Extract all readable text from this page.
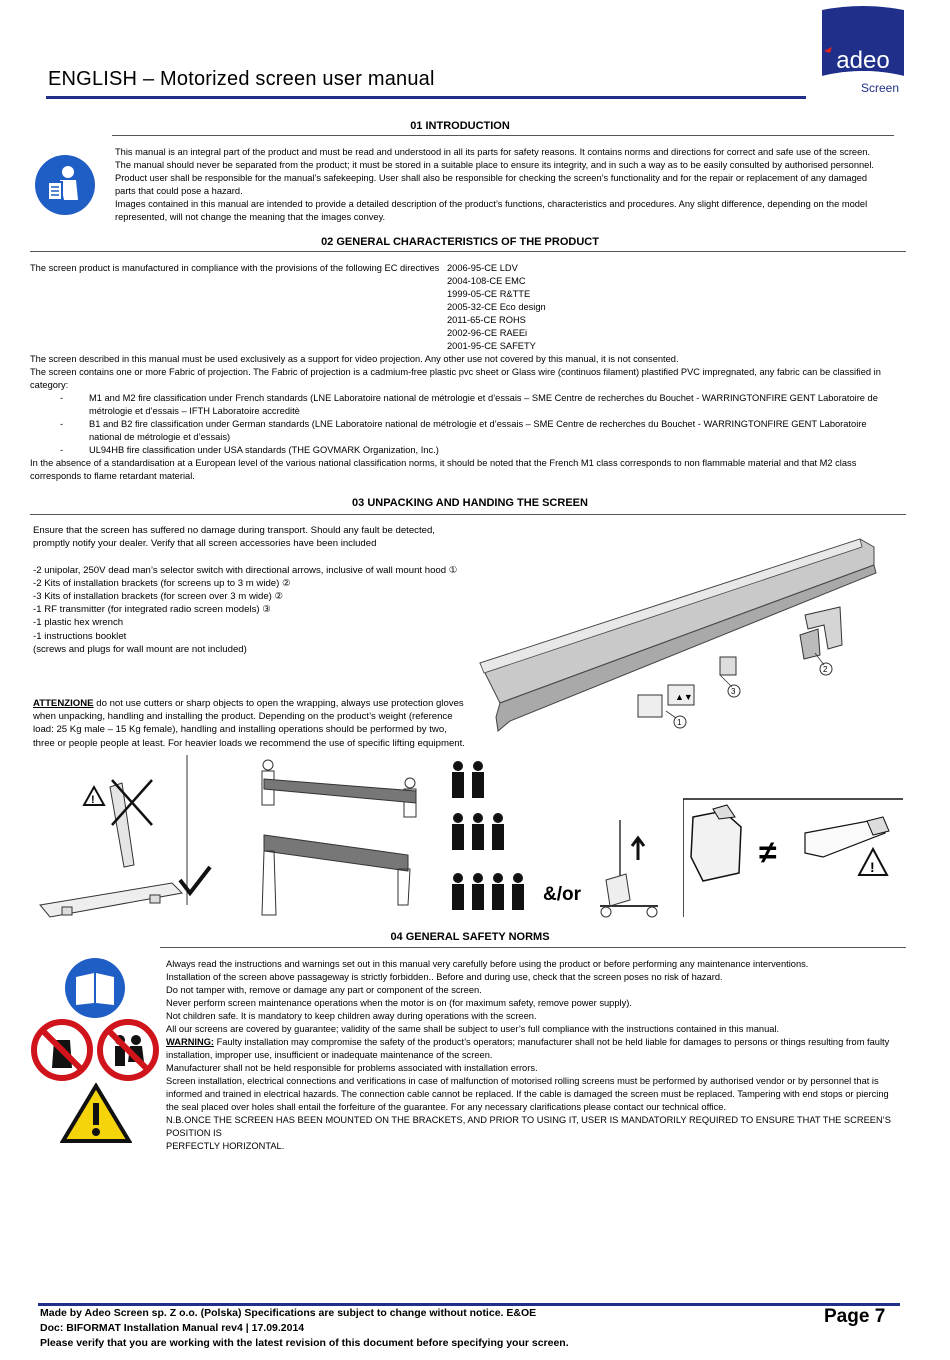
ENGLISH – Motorized screen user manual
adeo
Screen
01 INTRODUCTION

This manual is an integral part of the product and must be read and understood in all its parts for safety reasons. It contains norms and directions for correct and safe use of the screen.

The manual should never be separated from the product; it must be stored in a suitable place to ensure its integrity, and in such a way as to be easily consulted by authorised personnel.

Product user shall be responsible for the manual’s safekeeping. User shall also be responsible for checking the screen’s functionality and for the repair or replacement of any damaged

parts that could pose a hazard.

Images contained in this manual are intended to provide a detailed description of the product’s functions, characteristics and procedures. Any slight difference, depending on the model

represented, will not change the meaning that the images convey.

02 GENERAL CHARACTERISTICS OF THE PRODUCT
The screen product is manufactured in compliance with the provisions of the following EC directives 2006-95-CE LDV

2004-108-CE EMC

1999-05-CE R&TTE

2005-32-CE Eco design

2011-65-CE ROHS

2002-96-CE RAEEi

2001-95-CE SAFETY

The screen described in this manual must be used exclusively as a support for video projection. Any other use not covered by this manual, it is not consented.

The screen contains one or more Fabric of projection. The Fabric of projection is a cadmium-free plastic pvc sheet or Glass wire (continuos filament) plastified PVC impregnated, any fabric can be classified in

category:

-	M1 and M2 fire classification under French standards (LNE Laboratoire national de métrologie et d’essais – SME Centre de recherches du Bouchet - WARRINGTONFIRE GENT Laboratoire de

métrologie et d’essais – IFTH Laboratoire accreditè

-	B1 and B2 fire classification under German standards (LNE Laboratoire national de métrologie et d’essais – SME Centre de recherches du Bouchet - WARRINGTONFIRE GENT Laboratoire

national de métrologie et d’essais)

-	UL94HB fire classification under USA standards (THE GOVMARK Organization, Inc.)

In the absence of a standardisation at a European level of the various national classification norms, it should be noted that the French M1 class corresponds to non flammable material and that M2 class

corresponds to flame retardant material.

03 UNPACKING AND HANDING THE SCREEN

Ensure that the screen has suffered no damage during transport. Should any fault be detected,

promptly notify your dealer. Verify that all screen accessories have been included

-2 unipolar, 250V dead man’s selector switch with directional arrows, inclusive of wall mount hood ①

-2 Kits of installation brackets (for screens up to 3 m wide) ②

-3 Kits of installation brackets (for screen over 3 m wide) ②

-1 RF transmitter (for integrated radio screen models) ③

-1 plastic hex wrench

-1 instructions booklet

(screws and plugs for wall mount are not included)

ATTENZIONE do not use cutters or sharp objects to open the wrapping, always use protection gloves

when unpacking, handling and installing the product. Depending on the product’s weight (reference

load: 25 Kg male – 15 Kg female), handling and installing operations should be performed by two,

three or people people at least. For heavier loads we recommend the use of specific lifting equipment.

▲▼
1
2
3
!
&/or
≠	!
04 GENERAL SAFETY NORMS

Always read the instructions and warnings set out in this manual very carefully before using the product or before performing any maintenance interventions.

Installation of the screen above passageway is strictly forbidden.. Before and during use, check that the screen poses no risk of hazard.

Do not tamper with, remove or damage any part or component of the screen.

Never perform screen maintenance operations when the motor is on (for maximum safety, remove power supply).

Not children safe. It is mandatory to keep children away during operations with the screen.

All our screens are covered by guarantee; validity of the same shall be subject to user’s full compliance with the instructions contained in this manual.

WARNING: Faulty installation may compromise the safety of the product’s operators; manufacturer shall not be held liable for damages to persons or things resulting from faulty

installation, improper use, insufficient or inadequate maintenance of the screen.

Manufacturer shall not be held responsible for problems associated with installation errors.

Screen installation, electrical connections and verifications in case of malfunction of motorised rolling screens must be performed by authorised vendor or by personnel that is

informed and trained in electrical hazards. The connection cable cannot be replaced. If the cable is damaged the screen must be replaced. Tampering with end stops or piercing

the seal placed over holes shall entail the forfeiture of the guarantee. For any necessary clarifications please contact our technical office.

N.B.ONCE THE SCREEN HAS BEEN MOUNTED ON THE BRACKETS, AND PRIOR TO USING IT, USER IS MANDATORILY REQUIRED TO ENSURE THAT THE SCREEN’S POSITION IS

PERFECTLY HORIZONTAL.

Made by Adeo Screen sp. Z o.o. (Polska) Specifications are subject to change without notice. E&OE
Doc: BIFORMAT Installation Manual rev4 | 17.09.2014
Please verify that you are working with the latest revision of this document before specifying your screen.
Page 7
